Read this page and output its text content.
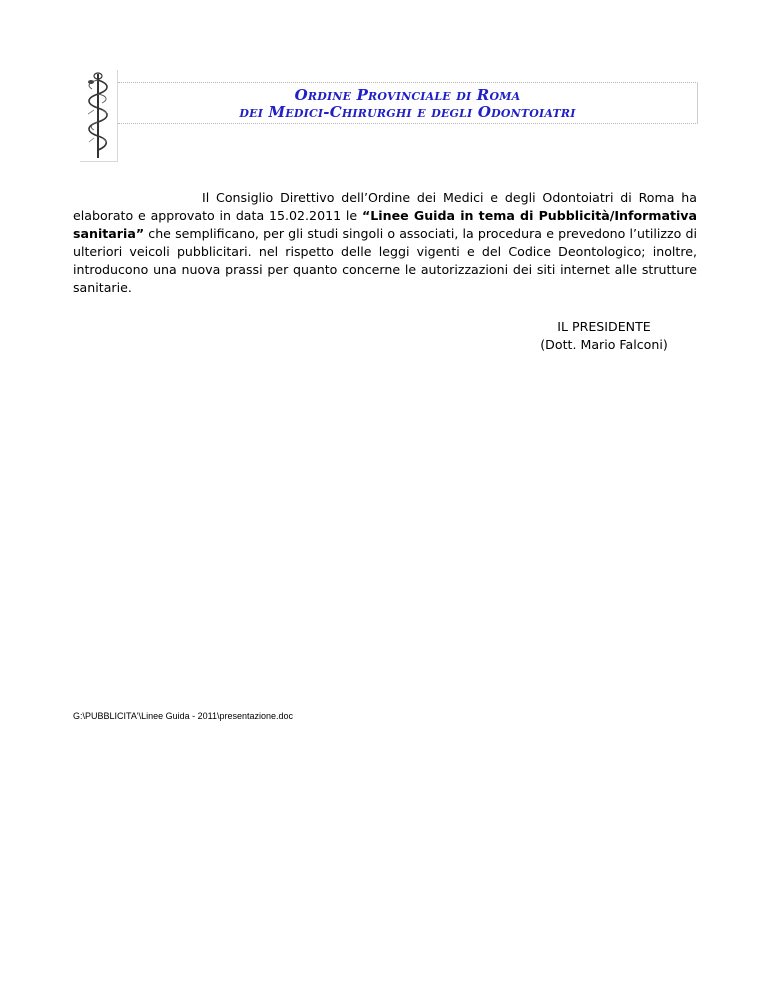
Ordine Provinciale di Roma
dei Medici-Chirurghi e degli Odontoiatri

Il Consiglio Direttivo dell’Ordine dei Medici e degli Odontoiatri di Roma ha elaborato e approvato in data 15.02.2011 le “Linee Guida in tema di Pubblicità/Informativa sanitaria” che semplificano, per gli studi singoli o associati, la procedura e prevedono l’utilizzo di ulteriori veicoli pubblicitari. nel rispetto delle leggi vigenti e del Codice Deontologico; inoltre, introducono una nuova prassi per quanto concerne le autorizzazioni dei siti internet alle strutture sanitarie.

IL PRESIDENTE
(Dott. Mario Falconi)
G:\PUBBLICITA'\Linee Guida - 2011\presentazione.doc
